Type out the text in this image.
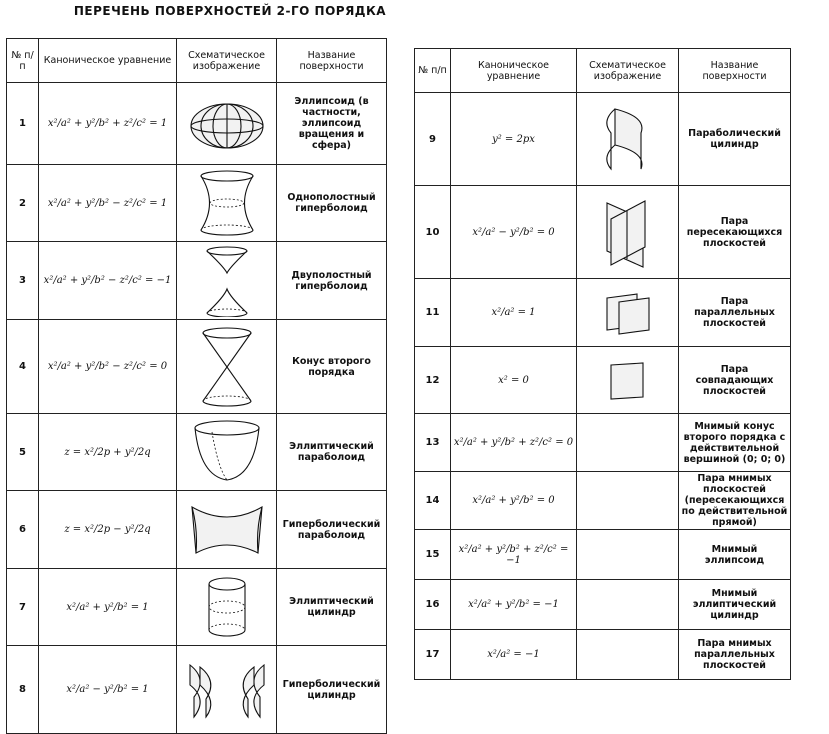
ПЕРЕЧЕНЬ ПОВЕРХНОСТЕЙ 2-ГО ПОРЯДКА
№ п/п	Каноническое уравнение	Схематическое изображение	Название поверхности
1	x²/a² + y²/b² + z²/c² = 1		Эллипсоид (в частности, эллипсоид вращения и сфера)
2	x²/a² + y²/b² − z²/c² = 1		Однополостный гиперболоид
3	x²/a² + y²/b² − z²/c² = −1		Двуполостный гиперболоид
4	x²/a² + y²/b² − z²/c² = 0		Конус второго порядка
5	z = x²/2p + y²/2q		Эллиптический параболоид
6	z = x²/2p − y²/2q		Гиперболический параболоид
7	x²/a² + y²/b² = 1		Эллиптический цилиндр
8	x²/a² − y²/b² = 1		Гиперболический цилиндр
№ п/п	Каноническое уравнение	Схематическое изображение	Название поверхности
9	y² = 2px		Параболический цилиндр
10	x²/a² − y²/b² = 0		Пара пересекающихся плоскостей
11	x²/a² = 1		Пара параллельных плоскостей
12	x² = 0		Пара совпадающих плоскостей
13	x²/a² + y²/b² + z²/c² = 0		Мнимый конус второго порядка с действительной вершиной (0; 0; 0)
14	x²/a² + y²/b² = 0		Пара мнимых плоскостей (пересекающихся по действительной прямой)
15	x²/a² + y²/b² + z²/c² = −1		Мнимый эллипсоид
16	x²/a² + y²/b² = −1		Мнимый эллиптический цилиндр
17	x²/a² = −1		Пара мнимых параллельных плоскостей
